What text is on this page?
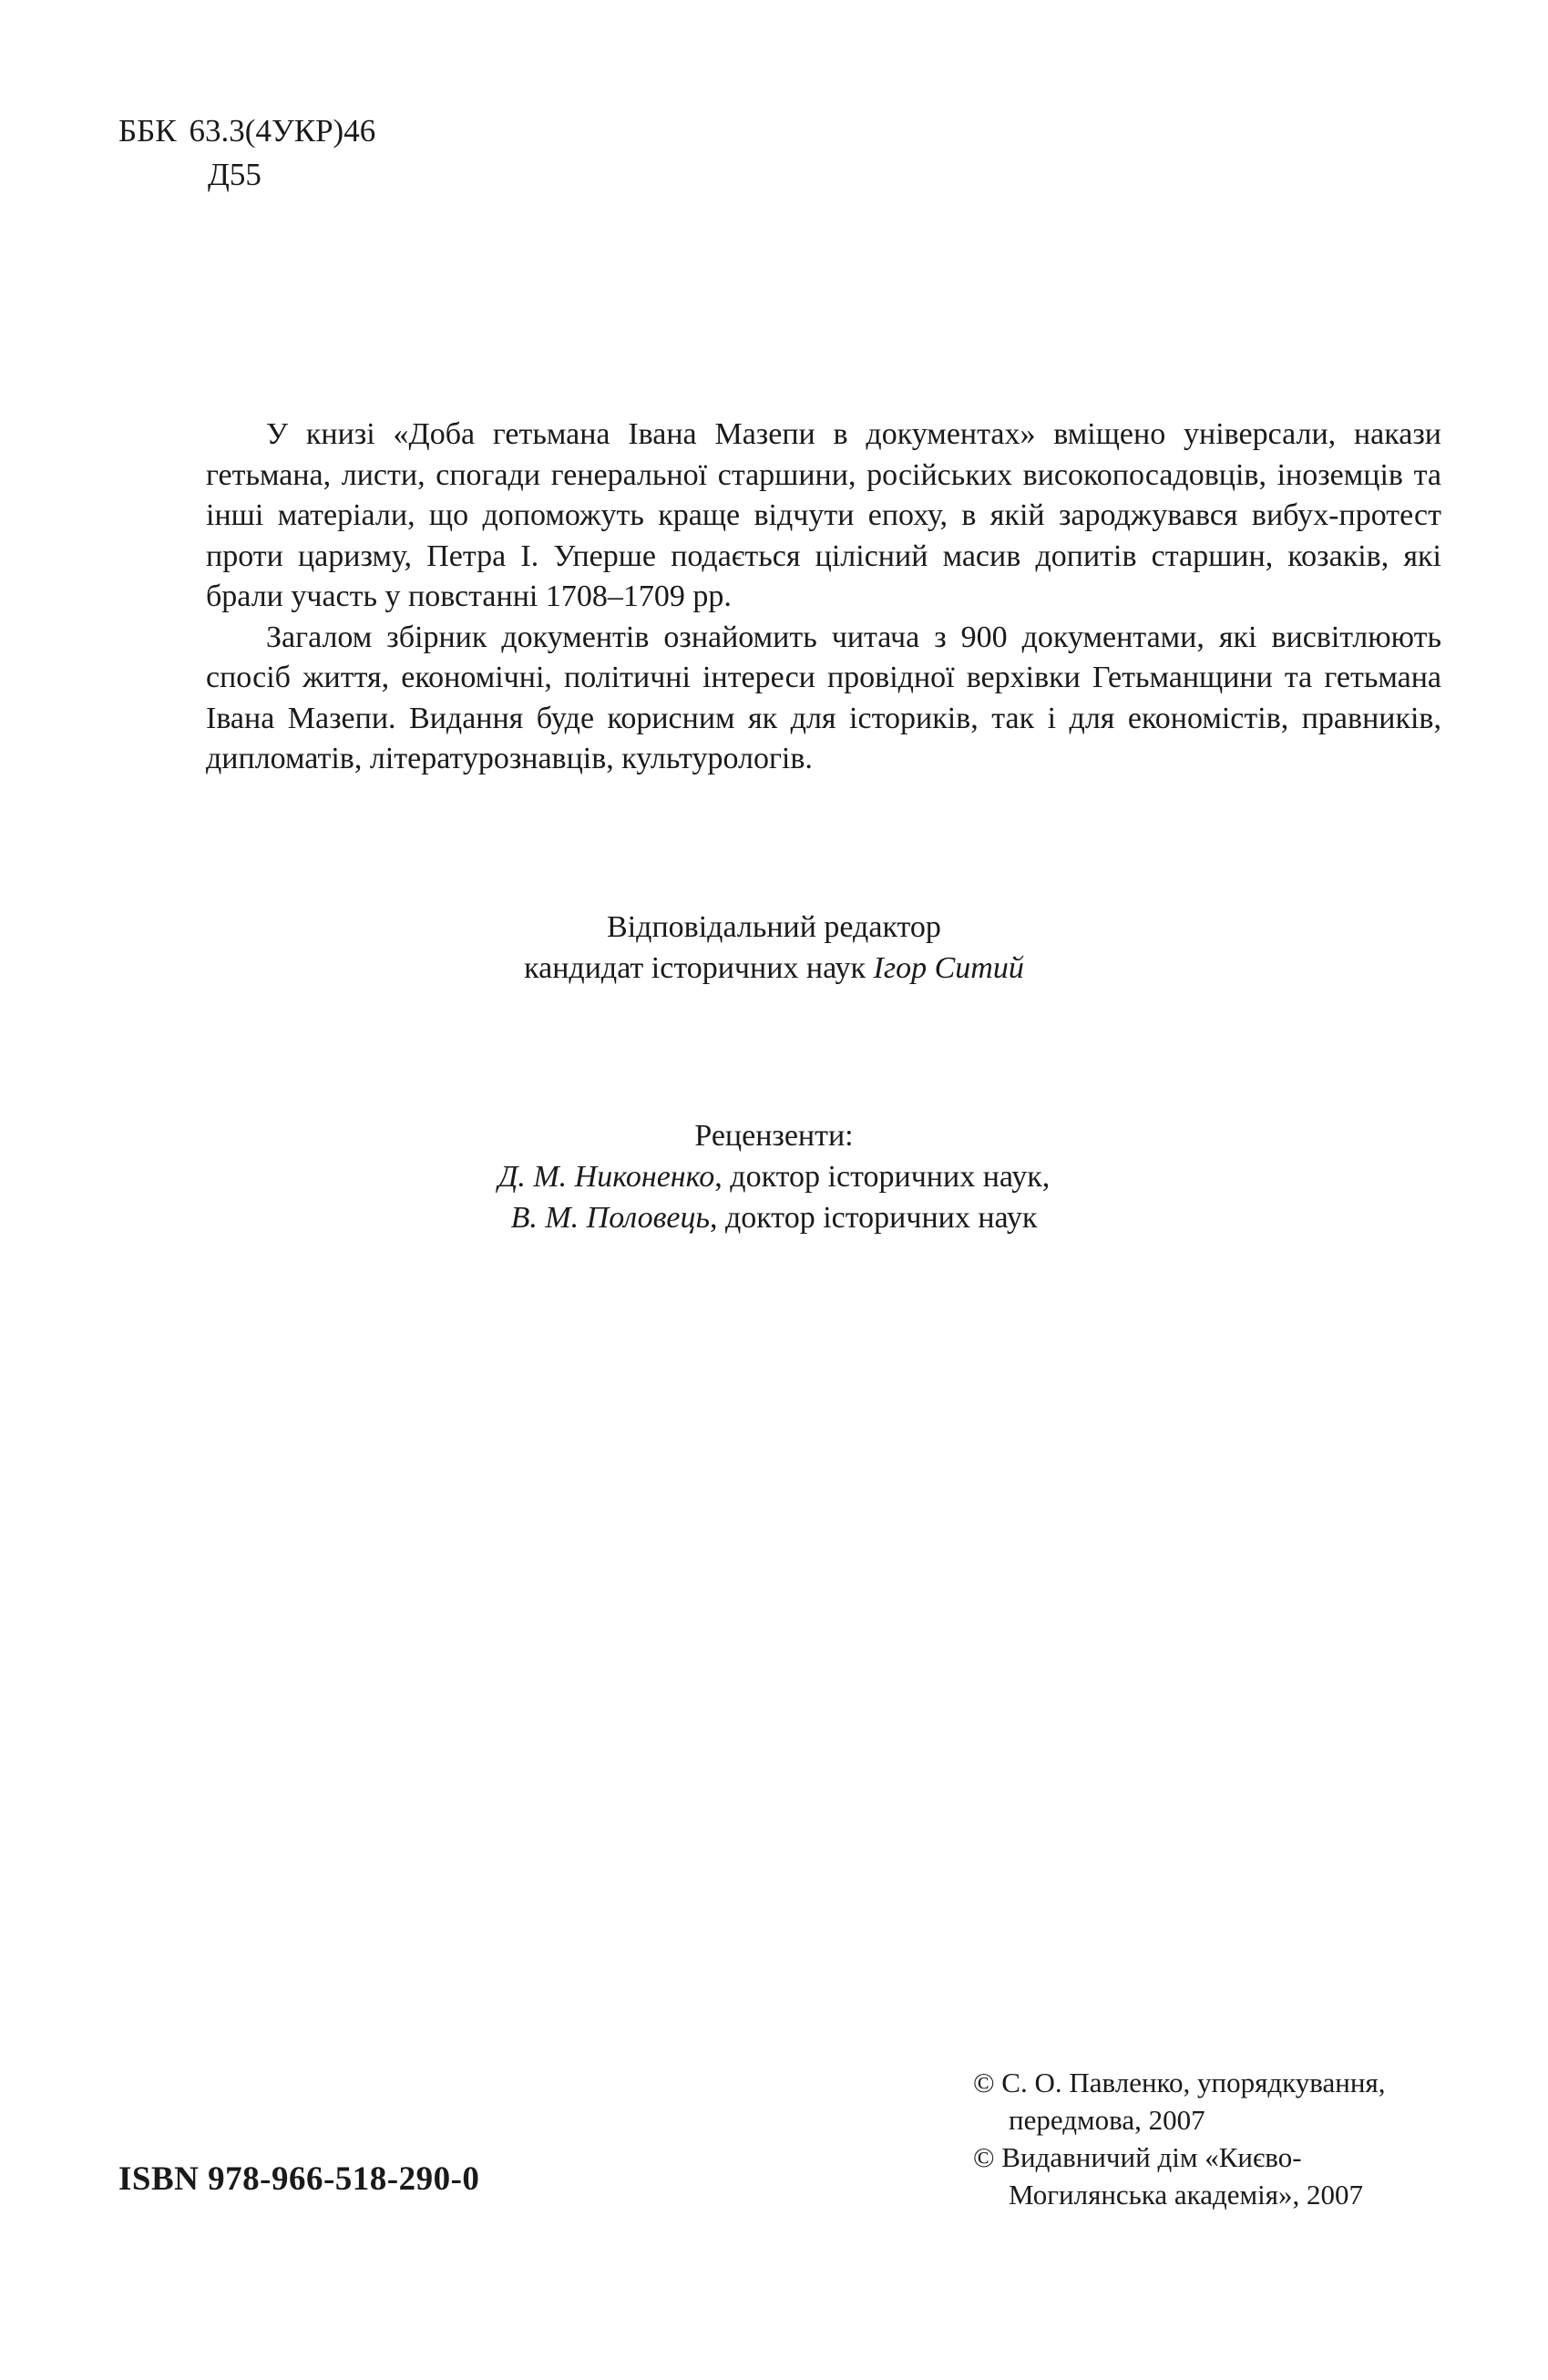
ББК 63.3(4УКР)46
Д55

У книзі «Доба гетьмана Івана Мазепи в документах» вміщено універсали, накази гетьмана, листи, спогади генеральної старшини, російських високопосадовців, іноземців та інші матеріали, що допоможуть краще відчути епоху, в якій зароджувався вибух-протест проти царизму, Петра І. Уперше подається цілісний масив допитів старшин, козаків, які брали участь у повстанні 1708–1709 рр.

Загалом збірник документів ознайомить читача з 900 документами, які висвітлюють спосіб життя, економічні, політичні інтереси провідної верхівки Гетьманщини та гетьмана Івана Мазепи. Видання буде корисним як для істориків, так і для економістів, правників, дипломатів, літературознавців, культурологів.

Відповідальний редактор
кандидат історичних наук Ігор Ситий
Рецензенти:
Д. М. Никоненко, доктор історичних наук,
В. М. Половець, доктор історичних наук
ISBN 978-966-518-290-0

© С. О. Павленко, упорядкування,
передмова, 2007

© Видавничий дім «Києво-
Могилянська академія», 2007
